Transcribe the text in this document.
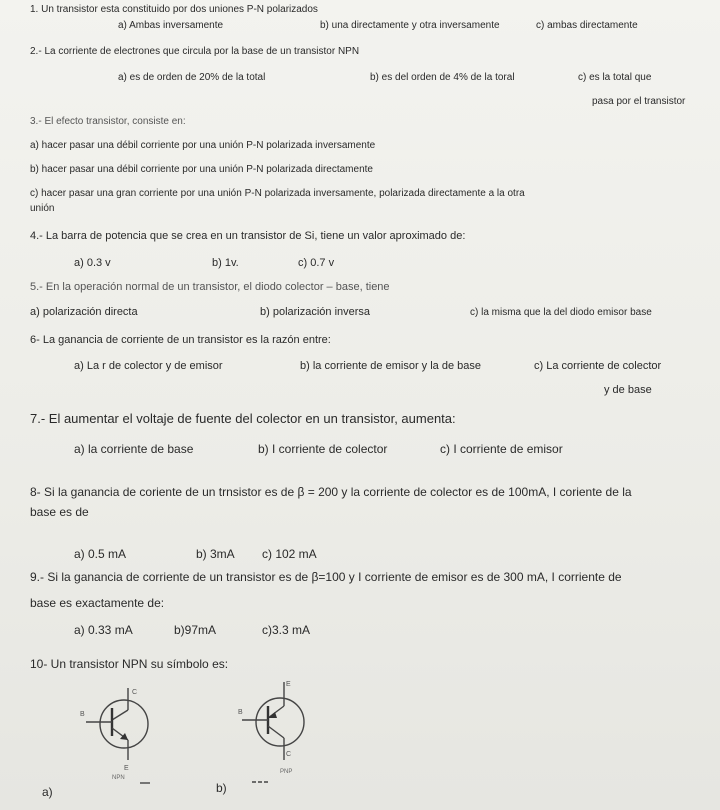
1. Un transistor esta constituido por dos uniones P-N polarizados
a) Ambas inversamente	b) una directamente y otra inversamente	c) ambas directamente
2.- La corriente de electrones que circula por la base de un transistor NPN
a) es de orden de 20% de la total	b) es del orden de 4% de la toral	c) es la total que
pasa por el transistor
3.- El efecto transistor, consiste en:
a) hacer pasar una débil corriente por una unión P-N polarizada inversamente
b) hacer pasar una débil corriente por una unión P-N polarizada directamente
c) hacer pasar una gran corriente por una unión P-N polarizada inversamente, polarizada directamente a la otra
unión
4.- La barra de potencia que se crea en un transistor de Si, tiene un valor aproximado de:
a) 0.3 v	b) 1v.	c) 0.7 v
5.- En la operación normal de un transistor, el diodo colector – base, tiene
a) polarización directa	b) polarización inversa	c) la misma que la del diodo emisor base
6- La ganancia de corriente de un transistor es la razón entre:
a) La r de colector y de emisor	b) la corriente de emisor y la de base	c) La corriente de colector
y de base
7.- El aumentar el voltaje de fuente del colector en un transistor, aumenta:
a) la corriente de base	b) I corriente de colector	c) I corriente de emisor
8- Si la ganancia de coriente de un trnsistor es de β = 200 y la corriente de colector es de 100mA, I coriente de la
base es de
a) 0.5 mA	b) 3mA c) 102 mA
9.- Si la ganancia de corriente de un transistor es de β=100 y I corriente de emisor es de 300 mA, I corriente de
base es exactamente de:
a) 0.33 mA	b)97mA	c)3.3 mA
10- Un transistor NPN su símbolo es:
a)	b)
C
B
E
NPN
E
B
C
PNP
